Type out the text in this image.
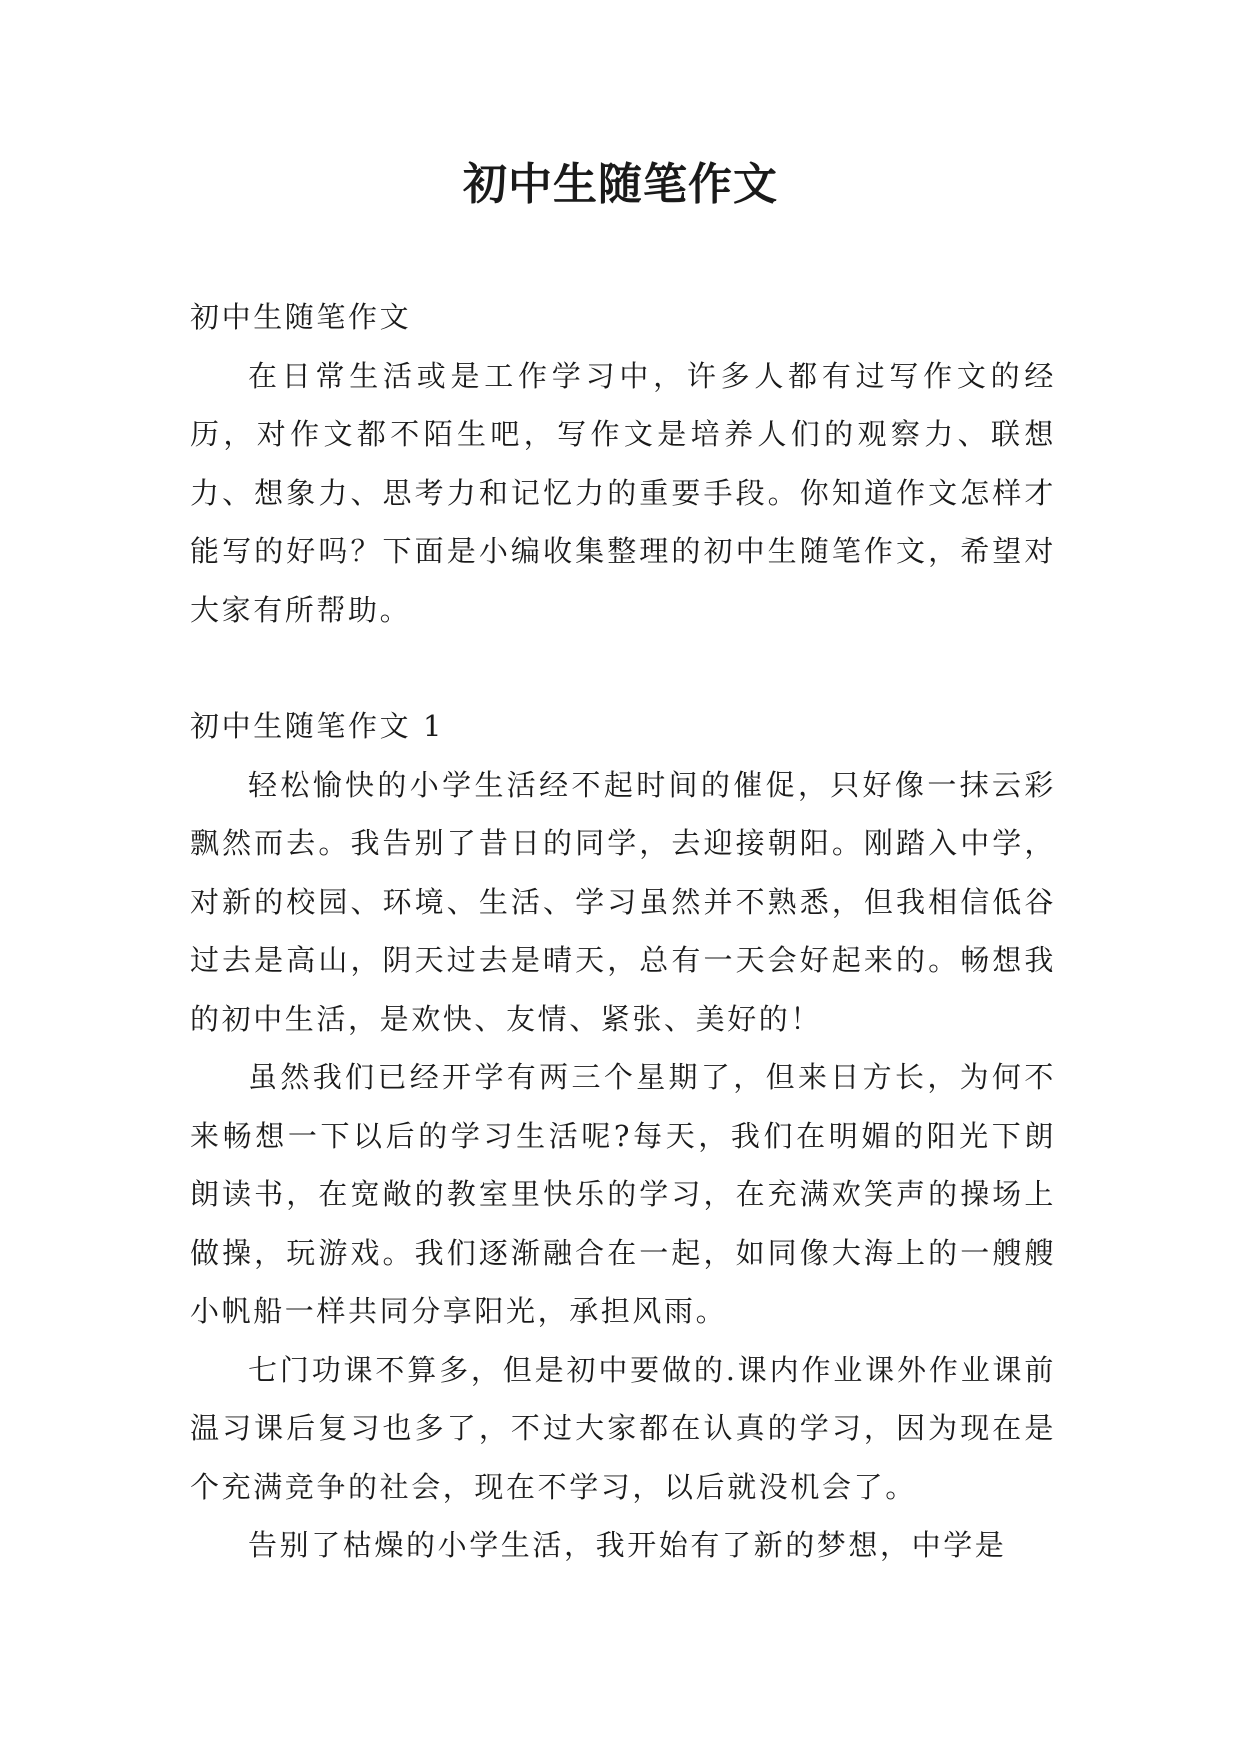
初中生随笔作文

初中生随笔作文

在日常生活或是工作学习中，许多人都有过写作文的经历，对作文都不陌生吧，写作文是培养人们的观察力、联想力、想象力、思考力和记忆力的重要手段。你知道作文怎样才能写的好吗？下面是小编收集整理的初中生随笔作文，希望对大家有所帮助。

初中生随笔作文 1

轻松愉快的小学生活经不起时间的催促，只好像一抹云彩飘然而去。我告别了昔日的同学，去迎接朝阳。刚踏入中学，对新的校园、环境、生活、学习虽然并不熟悉，但我相信低谷过去是高山，阴天过去是晴天，总有一天会好起来的。畅想我的初中生活，是欢快、友情、紧张、美好的！

虽然我们已经开学有两三个星期了，但来日方长，为何不来畅想一下以后的学习生活呢?每天，我们在明媚的阳光下朗朗读书，在宽敞的教室里快乐的学习，在充满欢笑声的操场上做操，玩游戏。我们逐渐融合在一起，如同像大海上的一艘艘小帆船一样共同分享阳光，承担风雨。

七门功课不算多，但是初中要做的.课内作业课外作业课前温习课后复习也多了，不过大家都在认真的学习，因为现在是个充满竞争的社会，现在不学习，以后就没机会了。

告别了枯燥的小学生活，我开始有了新的梦想，中学是
